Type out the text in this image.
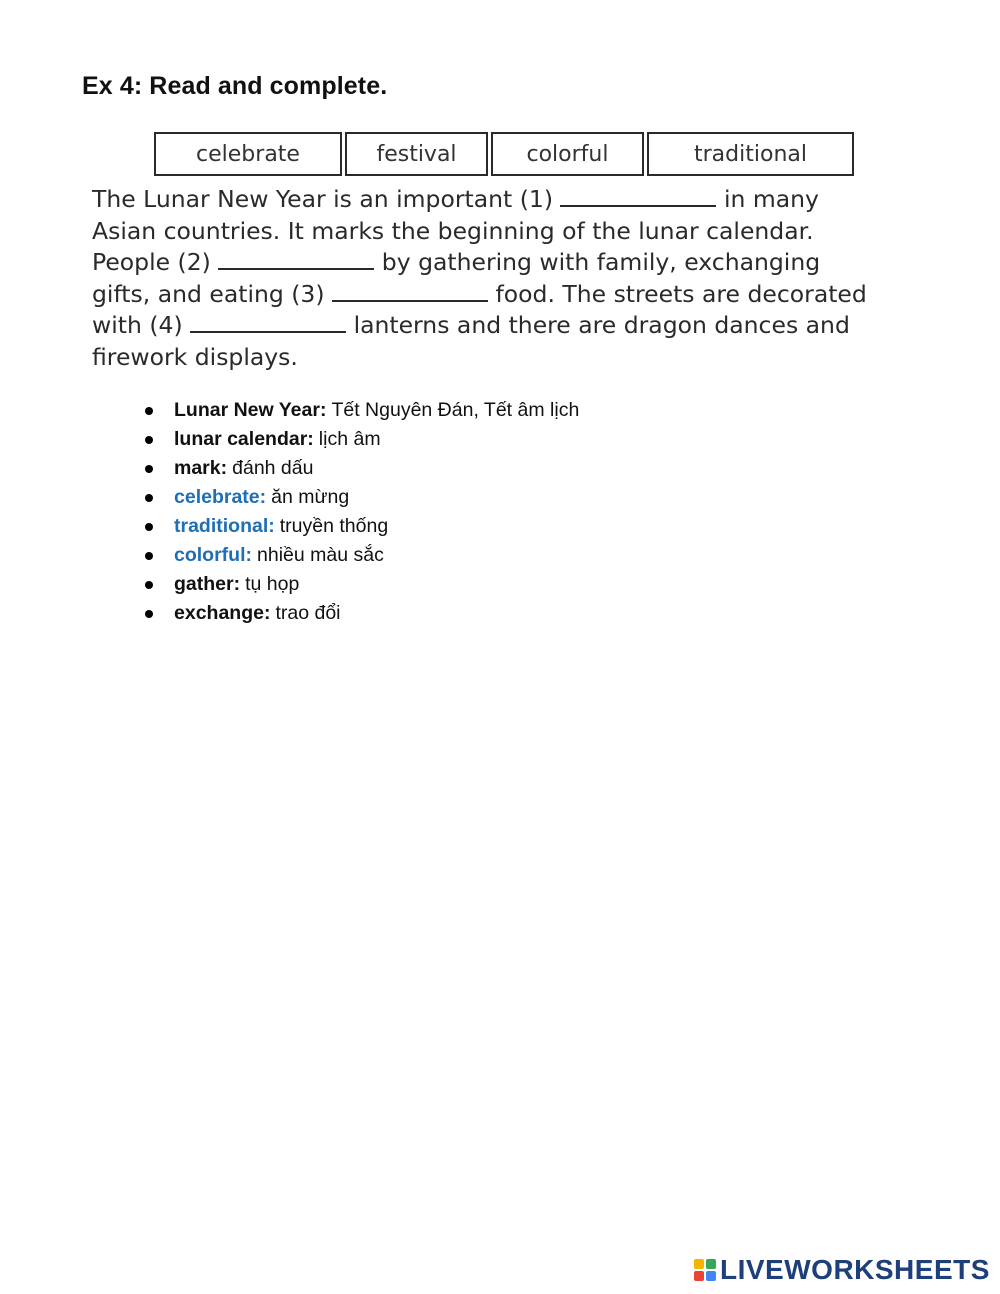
Ex 4: Read and complete.
celebrate	festival	colorful	traditional
The Lunar New Year is an important (1)	in many
Asian countries. It marks the beginning of the lunar calendar.
People (2)	by gathering with family, exchanging
gifts, and eating (3)	food. The streets are decorated
with (4)	lanterns and there are dragon dances and
firework displays.
Lunar New Year: Tết Nguyên Đán, Tết âm lịch
lunar calendar: lịch âm
mark: đánh dấu
celebrate: ăn mừng
traditional: truyền thống
colorful: nhiều màu sắc
gather: tụ họp
exchange: trao đổi
LIVEWORKSHEETS
